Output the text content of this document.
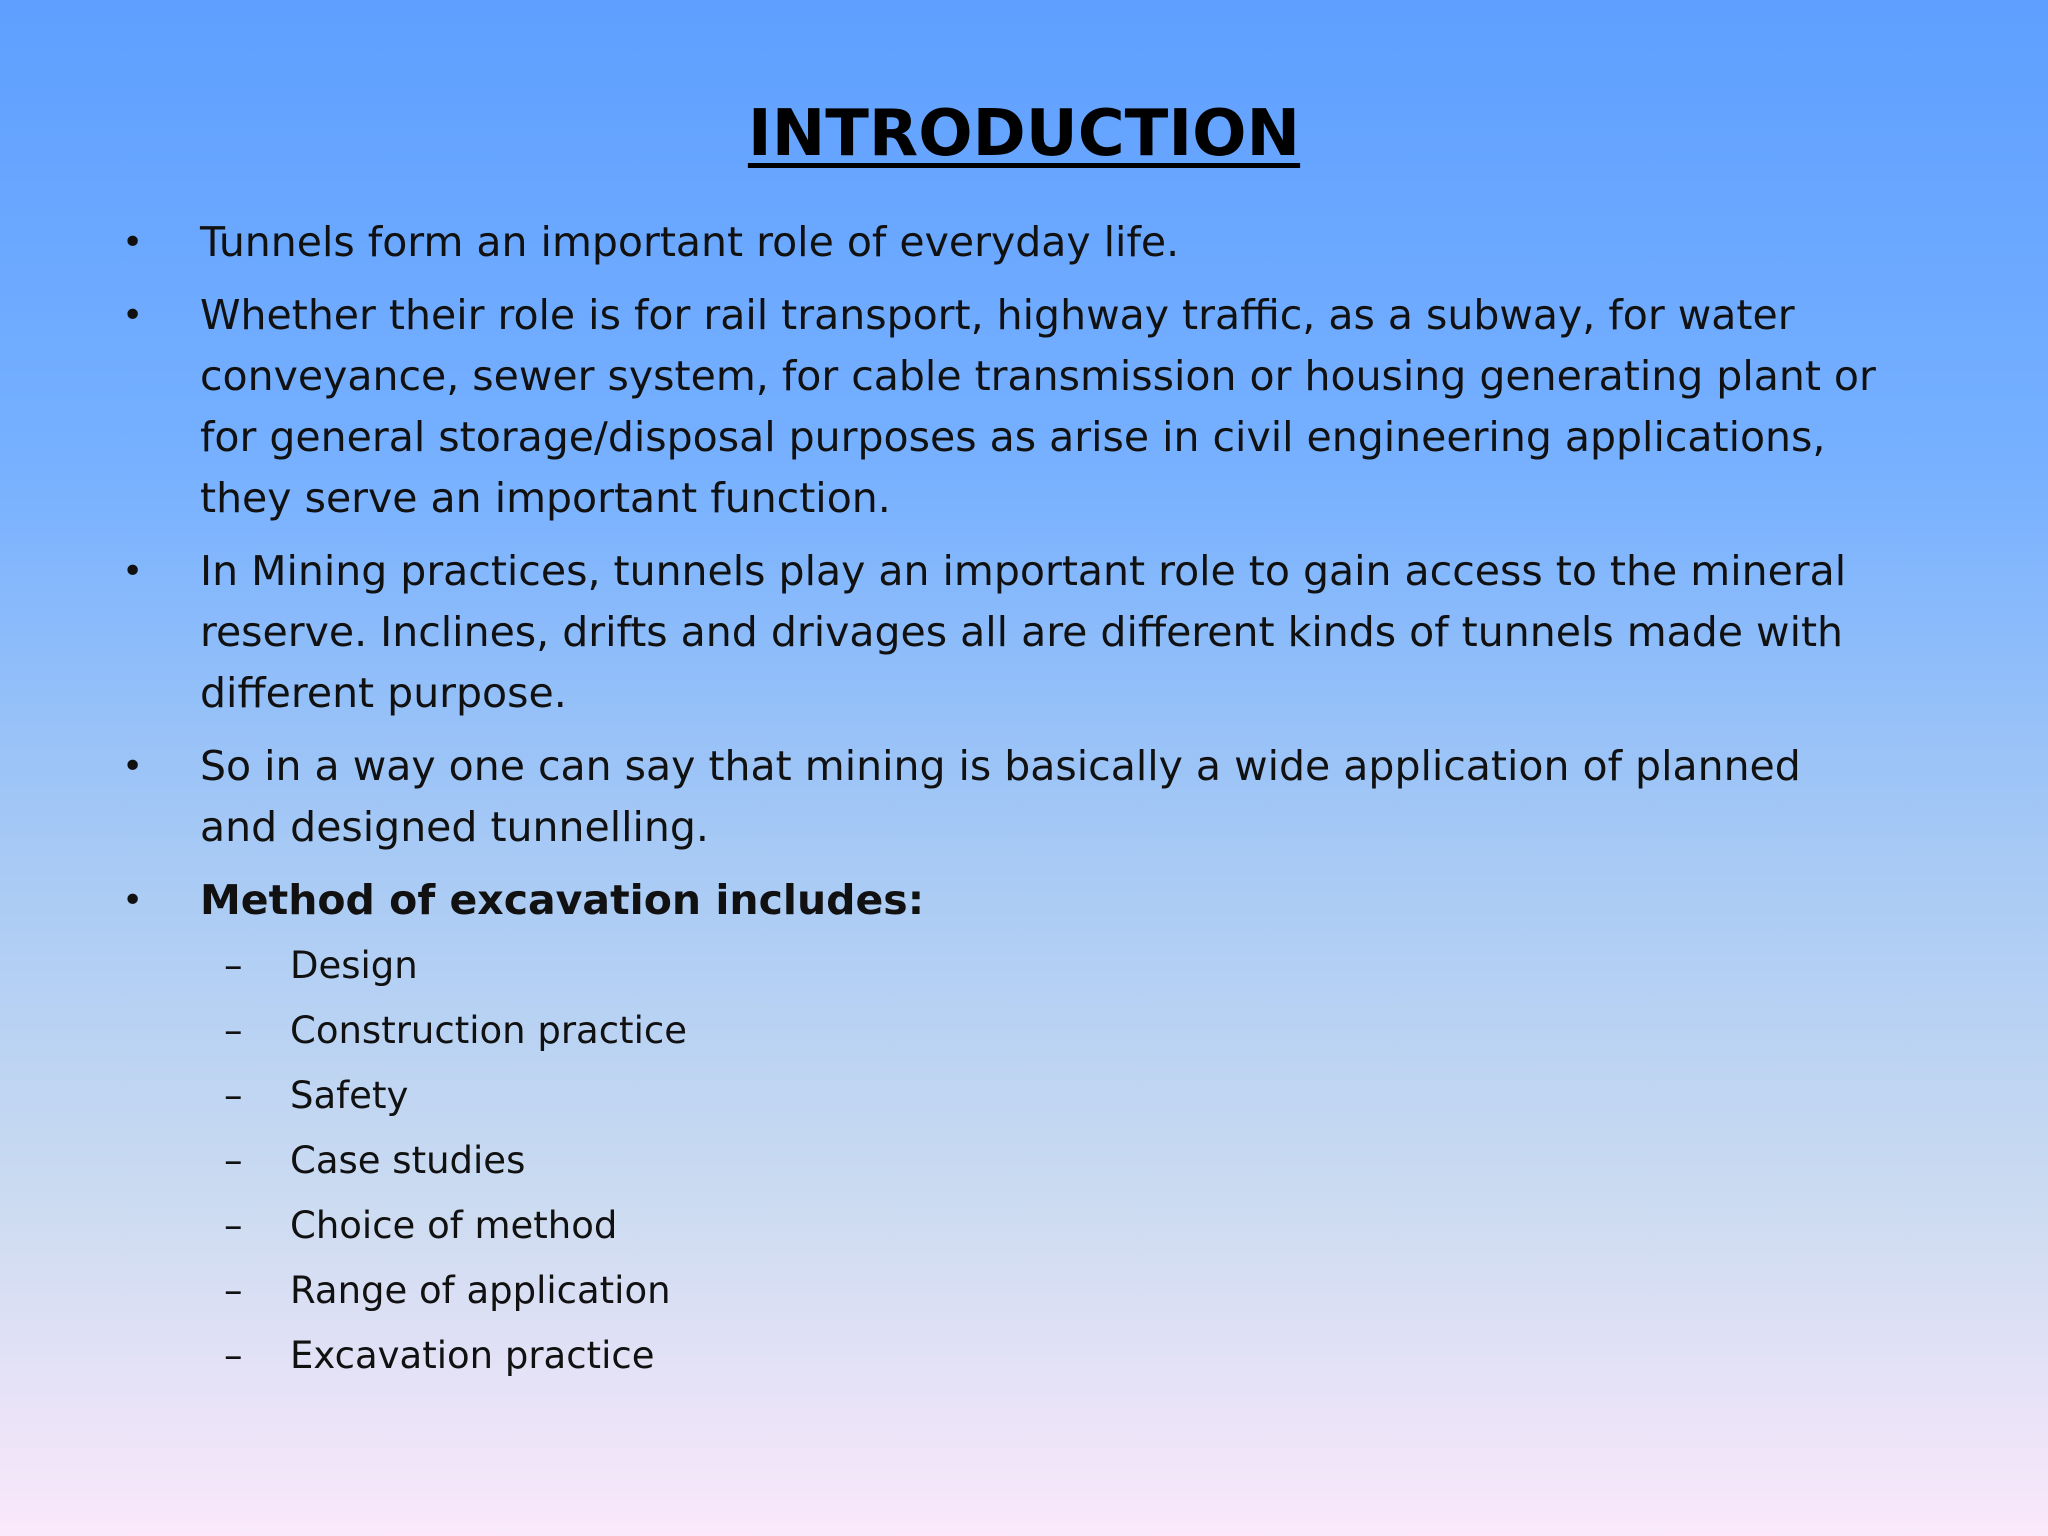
INTRODUCTION
• Tunnels form an important role of everyday life.
• Whether their role is for rail transport, highway traffic, as a subway, for water conveyance, sewer system, for cable transmission or housing generating plant or for general storage/disposal purposes as arise in civil engineering applications, they serve an important function.
• In Mining practices, tunnels play an important role to gain access to the mineral reserve. Inclines, drifts and drivages all are different kinds of tunnels made with different purpose.
• So in a way one can say that mining is basically a wide application of planned and designed tunnelling.
• Method of excavation includes:
– Design
– Construction practice
– Safety
– Case studies
– Choice of method
– Range of application
– Excavation practice
